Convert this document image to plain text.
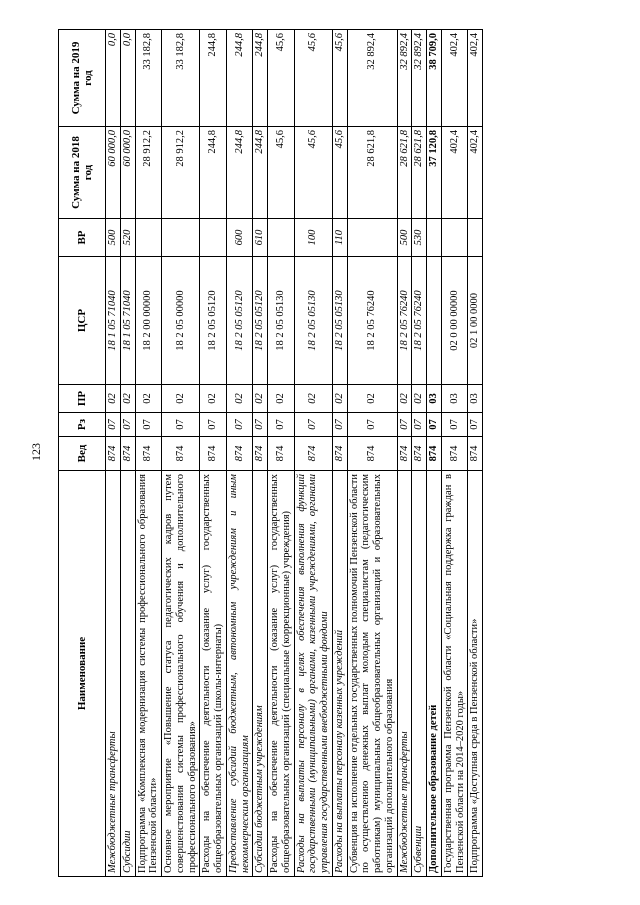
123
Наименование	Вед	Рз	ПР	ЦСР	ВР	Сумма на 2018 год	Сумма на 2019 год
Межбюджетные трансферты	874	07	02	18 1 05 71040	500	60 000,0	0,0
Субсидии	874	07	02	18 1 05 71040	520	60 000,0	0,0
Подпрограмма «Комплексная модернизация системы профессионального образования Пензенской области»	874	07	02	18 2 00 00000		28 912,2	33 182,8
Основное мероприятие «Повышение статуса педагогических кадров путем совершенствования системы профессионального обучения и дополнительного профессионального образования»	874	07	02	18 2 05 00000		28 912,2	33 182,8
Расходы на обеспечение деятельности (оказание услуг) государственных общеобразовательных организаций (школы-интернаты)	874	07	02	18 2 05 05120		244,8	244,8
Предоставление субсидий бюджетным, автономным учреждениям и иным некоммерческим организациям	874	07	02	18 2 05 05120	600	244,8	244,8
Субсидии бюджетным учреждениям	874	07	02	18 2 05 05120	610	244,8	244,8
Расходы на обеспечение деятельности (оказание услуг) государственных общеобразовательных организаций (специальные (коррекционные) учреждения)	874	07	02	18 2 05 05130		45,6	45,6
Расходы на выплаты персоналу в целях обеспечения выполнения функций государственными (муниципальными) органами, казенными учреждениями, органами управления государственными внебюджетными фондами	874	07	02	18 2 05 05130	100	45,6	45,6
Расходы на выплаты персоналу казенных учреждений	874	07	02	18 2 05 05130	110	45,6	45,6
Субвенция на исполнение отдельных государственных полномочий Пензенской области по осуществлению денежных выплат молодым специалистам (педагогическим работникам) муниципальных общеобразовательных организаций и образовательных организаций дополнительного образования	874	07	02	18 2 05 76240		28 621,8	32 892,4
Межбюджетные трансферты	874	07	02	18 2 05 76240	500	28 621,8	32 892,4
Субвенции	874	07	02	18 2 05 76240	530	28 621,8	32 892,4
Дополнительное образование детей	874	07	03			37 120,8	38 709,0
Государственная программа Пензенской области «Социальная поддержка граждан в Пензенской области на 2014–2020 годы»	874	07	03	02 0 00 00000		402,4	402,4
Подпрограмма «Доступная среда в Пензенской области»	874	07	03	02 1 00 0000		402,4	402,4
